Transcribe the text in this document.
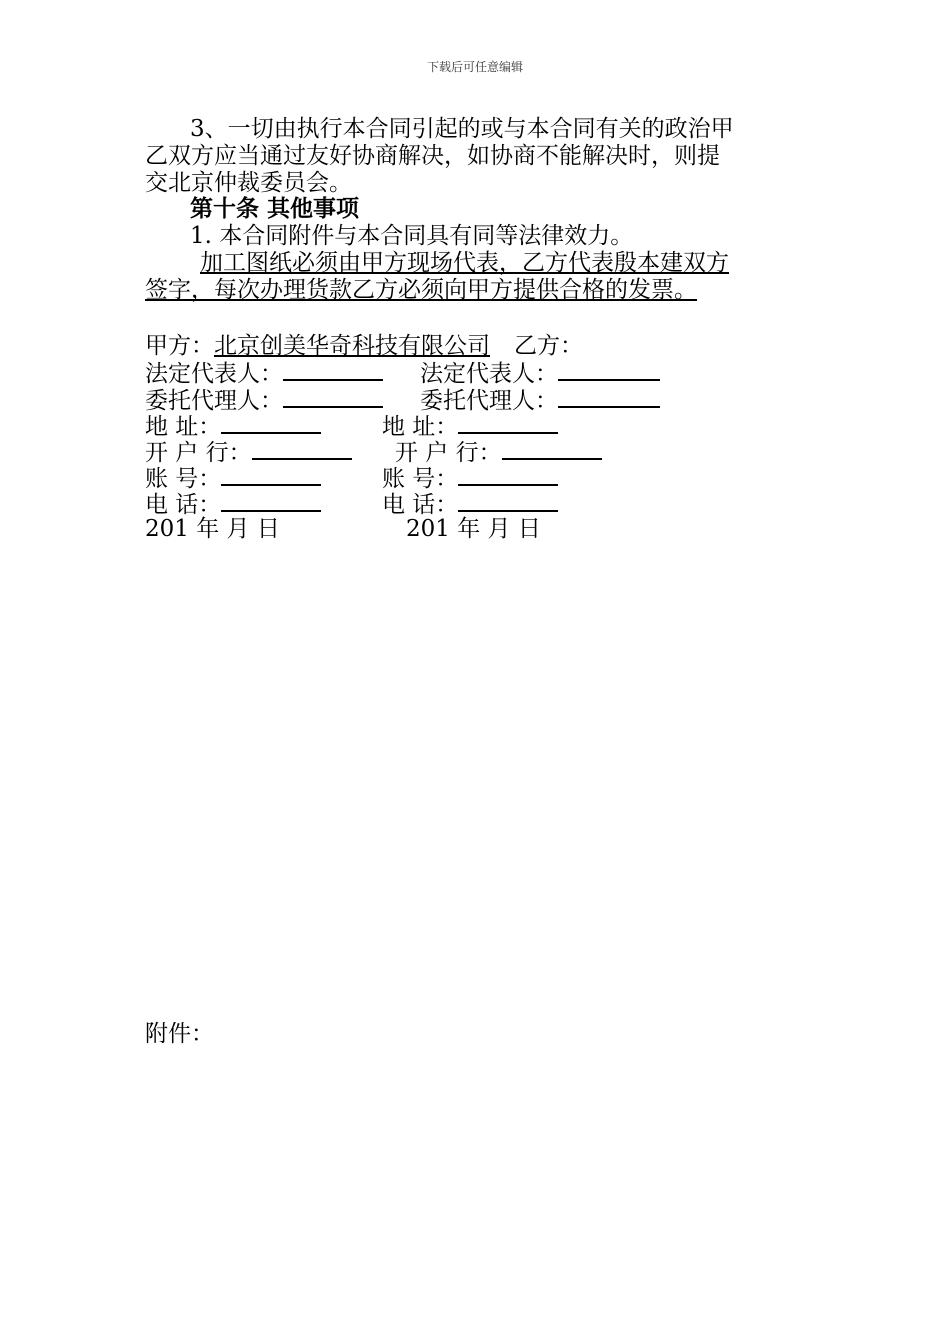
下载后可任意编辑
3、一切由执行本合同引起的或与本合同有关的政治甲
乙双方应当通过友好协商解决，如协商不能解决时，则提
交北京仲裁委员会。
第十条 其他事项
1. 本合同附件与本合同具有同等法律效力。
加工图纸必须由甲方现场代表，乙方代表殷本建双方
签字，每次办理货款乙方必须向甲方提供合格的发票。
甲方：北京创美华奇科技有限公司 乙方：
法定代表人：	法定代表人：
委托代理人：	委托代理人：
地 址：	地 址：
开 户 行：	开 户 行：
账 号：	账 号：
电 话：	电 话：
201 年 月 日	201 年 月 日
附件：
